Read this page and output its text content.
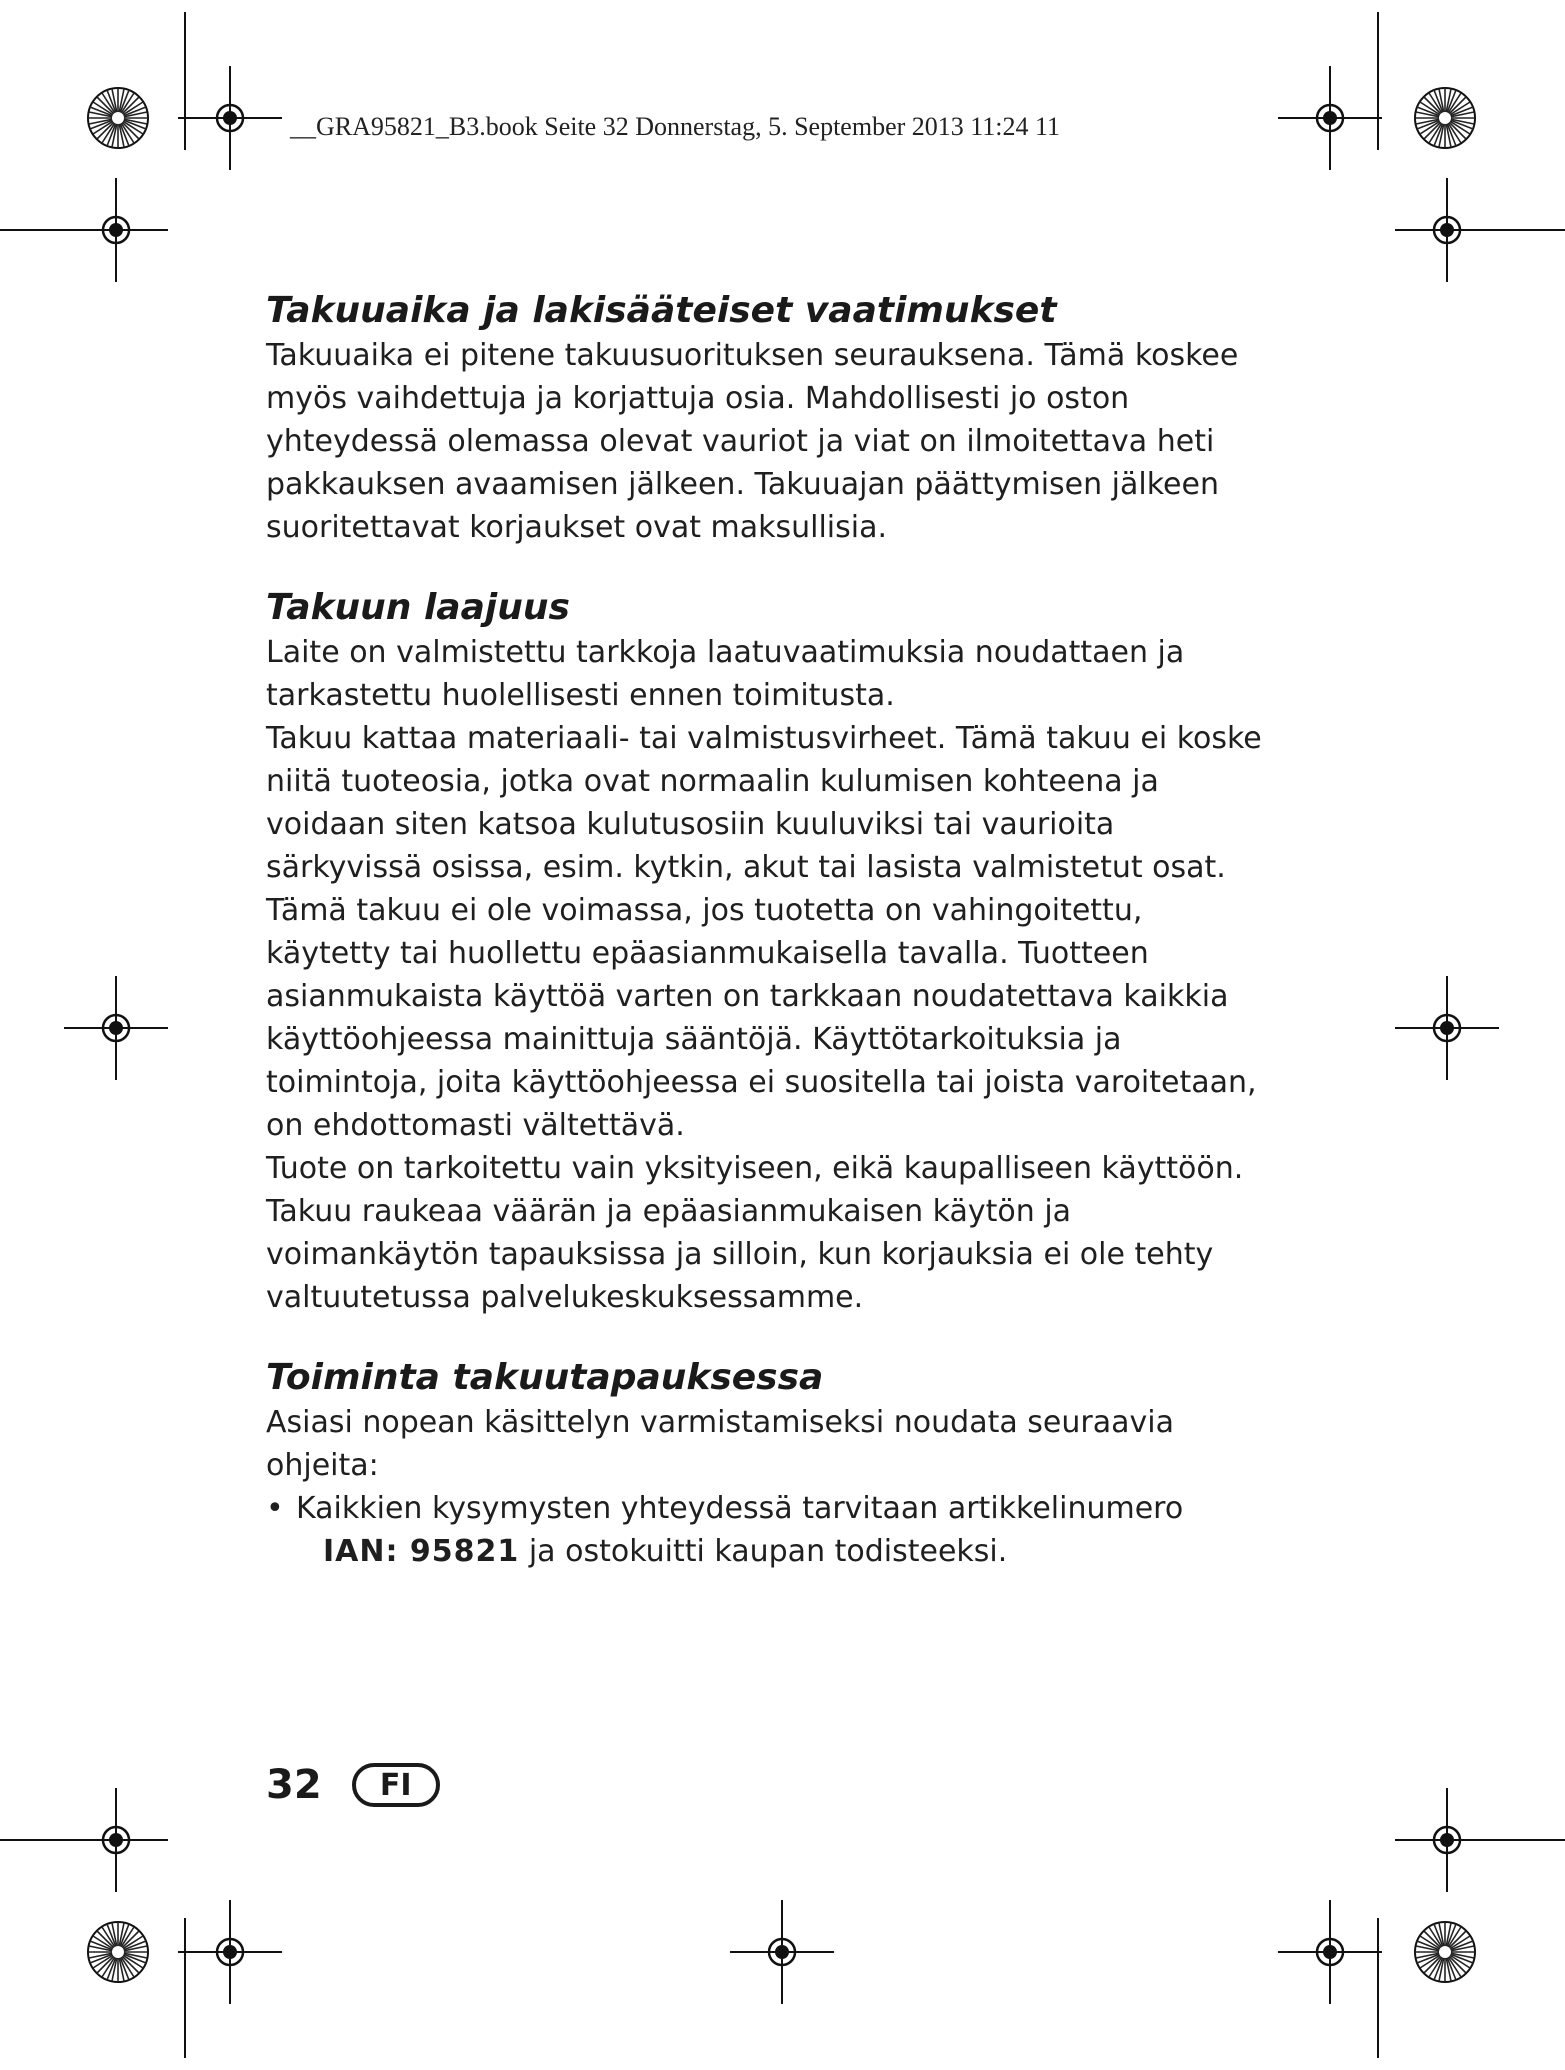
__GRA95821_B3.book Seite 32 Donnerstag, 5. September 2013 11:24 11
Takuuaika ja lakisääteiset vaatimukset

Takuuaika ei pitene takuusuorituksen seurauksena. Tämä koskee myös vaihdettuja ja korjattuja osia. Mahdollisesti jo oston yhteydessä olemassa olevat vauriot ja viat on ilmoitettava heti pakkauksen avaamisen jälkeen. Takuuajan päättymisen jälkeen suoritettavat korjaukset ovat maksullisia.

Takuun laajuus

Laite on valmistettu tarkkoja laatuvaatimuksia noudattaen ja tarkastettu huolellisesti ennen toimitusta.

Takuu kattaa materiaali- tai valmistusvirheet. Tämä takuu ei koske niitä tuoteosia, jotka ovat normaalin kulumisen kohteena ja voidaan siten katsoa kulutusosiin kuuluviksi tai vaurioita särkyvissä osissa, esim. kytkin, akut tai lasista valmistetut osat.

Tämä takuu ei ole voimassa, jos tuotetta on vahingoitettu, käytetty tai huollettu epäasianmukaisella tavalla. Tuotteen asianmukaista käyttöä varten on tarkkaan noudatettava kaikkia käyttöohjeessa mainittuja sääntöjä. Käyttötarkoituksia ja toimintoja, joita käyttöohjeessa ei suositella tai joista varoitetaan, on ehdottomasti vältettävä.

Tuote on tarkoitettu vain yksityiseen, eikä kaupalliseen käyttöön. Takuu raukeaa väärän ja epäasianmukaisen käytön ja voimankäytön tapauksissa ja silloin, kun korjauksia ei ole tehty valtuutetussa palvelukeskuksessamme.

Toiminta takuutapauksessa

Asiasi nopean käsittelyn varmistamiseksi noudata seuraavia ohjeita:

• Kaikkien kysymysten yhteydessä tarvitaan artikkelinumero
IAN: 95821 ja ostokuitti kaupan todisteeksi.
32	FI
